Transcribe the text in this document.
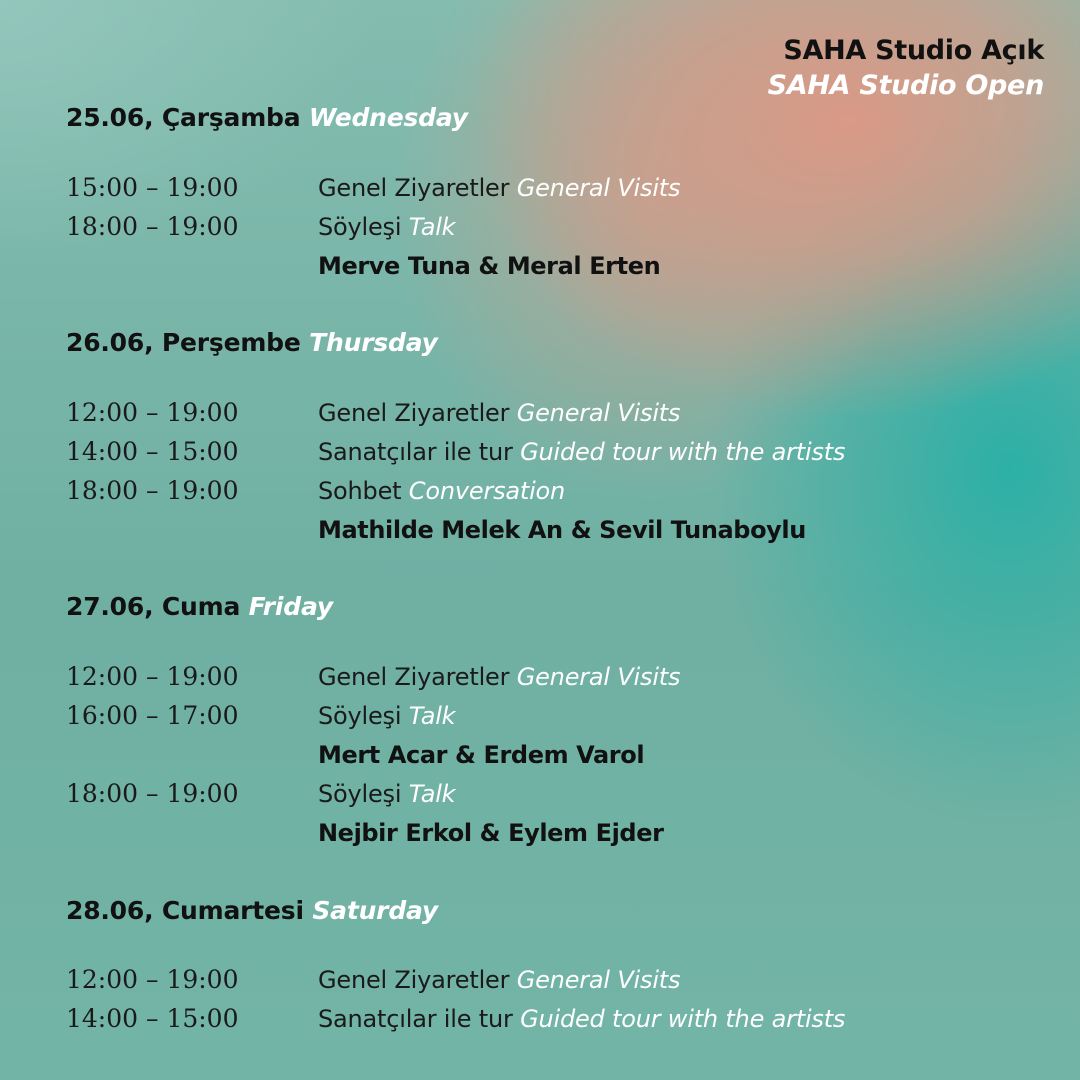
SAHA Studio Açık
SAHA Studio Open
25.06, Çarşamba Wednesday
15:00 – 19:00	Genel Ziyaretler General Visits
18:00 – 19:00	Söyleşi Talk
Merve Tuna & Meral Erten
26.06, Perşembe Thursday
12:00 – 19:00	Genel Ziyaretler General Visits
14:00 – 15:00	Sanatçılar ile tur Guided tour with the artists
18:00 – 19:00	Sohbet Conversation
Mathilde Melek An & Sevil Tunaboylu
27.06, Cuma Friday
12:00 – 19:00	Genel Ziyaretler General Visits
16:00 – 17:00	Söyleşi Talk
Mert Acar & Erdem Varol
18:00 – 19:00	Söyleşi Talk
Nejbir Erkol & Eylem Ejder
28.06, Cumartesi Saturday
12:00 – 19:00	Genel Ziyaretler General Visits
14:00 – 15:00	Sanatçılar ile tur Guided tour with the artists
